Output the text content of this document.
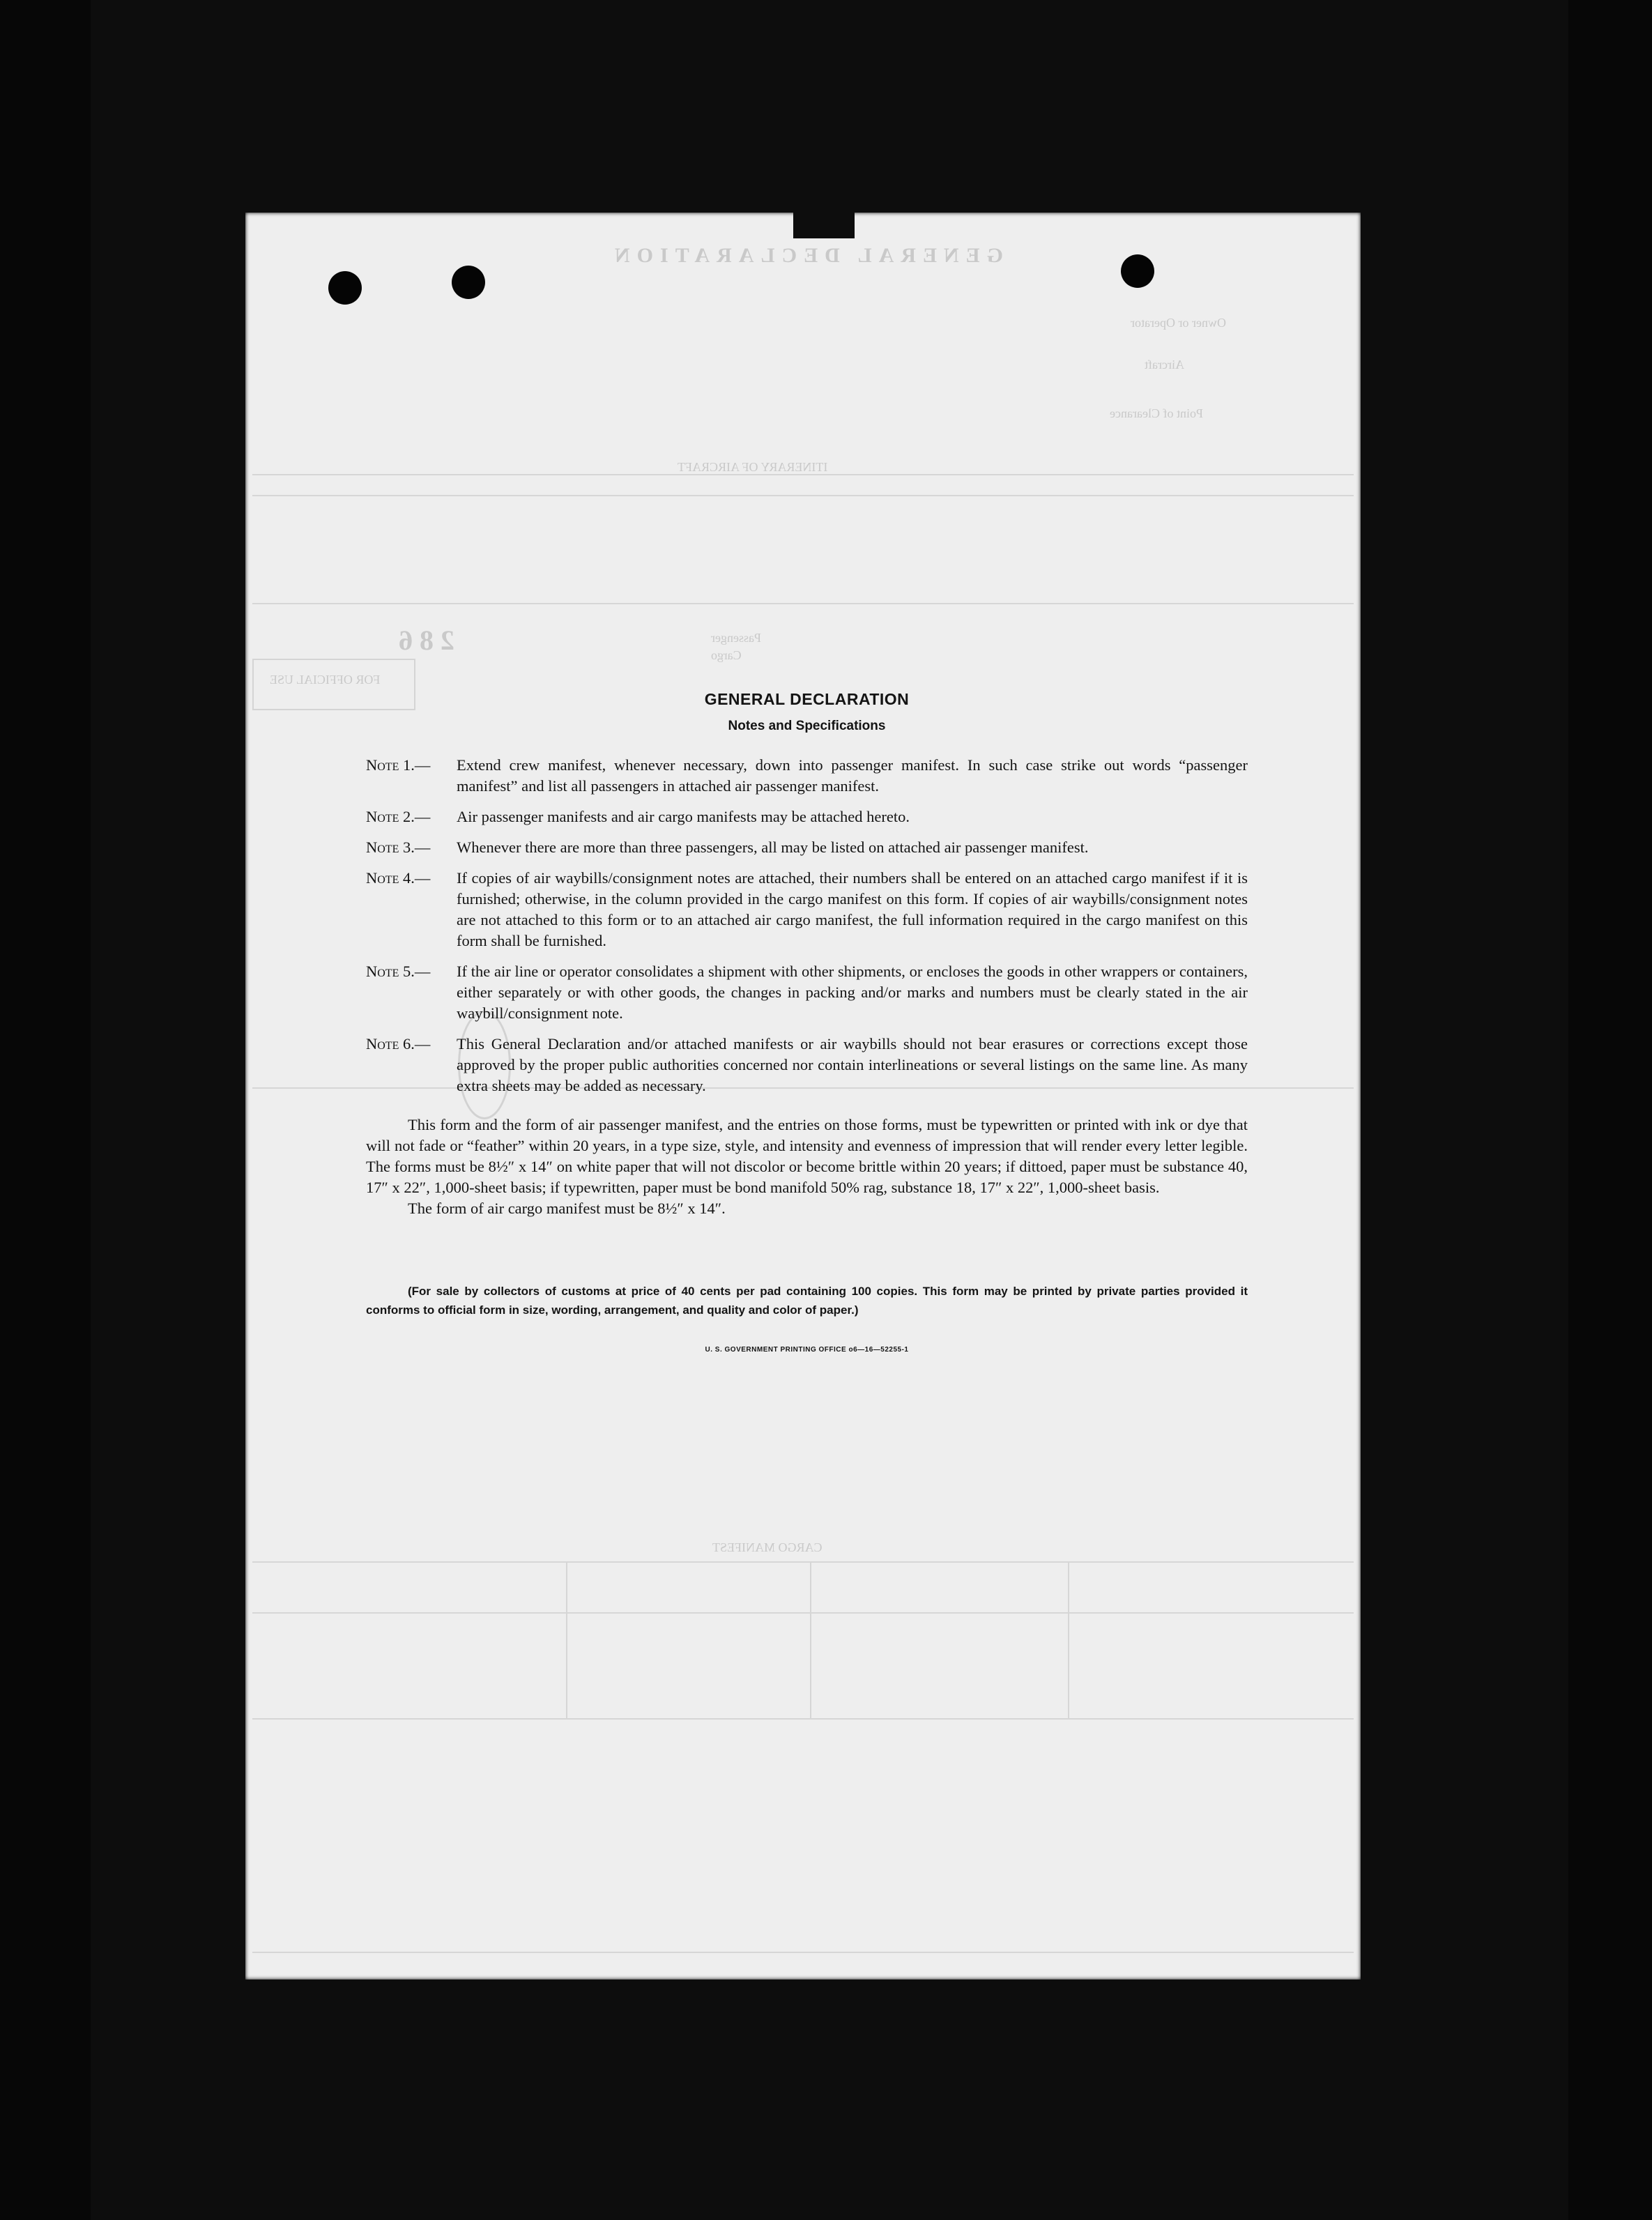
GENERAL DECLARATION
Owner or Operator
Aircraft
Point of Clearance
ITINERARY OF AIRCRAFT
CARGO MANIFEST
FOR OFFICIAL USE
Passenger
Cargo
286
GENERAL DECLARATION
Notes and Specifications
Note 1.—	Extend crew manifest, whenever necessary, down into passenger manifest. In such case strike out words “passenger manifest” and list all passengers in attached air passenger manifest.
Note 2.—	Air passenger manifests and air cargo manifests may be attached hereto.
Note 3.—	Whenever there are more than three passengers, all may be listed on attached air passenger manifest.
Note 4.—	If copies of air waybills/consignment notes are attached, their numbers shall be entered on an attached cargo manifest if it is furnished; otherwise, in the column provided in the cargo manifest on this form. If copies of air waybills/consignment notes are not attached to this form or to an attached air cargo manifest, the full information required in the cargo manifest on this form shall be furnished.
Note 5.—	If the air line or operator consolidates a shipment with other shipments, or encloses the goods in other wrappers or containers, either separately or with other goods, the changes in packing and/or marks and numbers must be clearly stated in the air waybill/consignment note.
Note 6.—	This General Declaration and/or attached manifests or air waybills should not bear erasures or corrections except those approved by the proper public authorities concerned nor contain interlineations or several listings on the same line. As many extra sheets may be added as necessary.

This form and the form of air passenger manifest, and the entries on those forms, must be typewritten or printed with ink or dye that will not fade or “feather” within 20 years, in a type size, style, and intensity and evenness of impression that will render every letter legible. The forms must be 8½″ x 14″ on white paper that will not discolor or become brittle within 20 years; if dittoed, paper must be substance 40, 17″ x 22″, 1,000-sheet basis; if typewritten, paper must be bond manifold 50% rag, substance 18, 17″ x 22″, 1,000-sheet basis.

The form of air cargo manifest must be 8½″ x 14″.

(For sale by collectors of customs at price of 40 cents per pad containing 100 copies. This form may be printed by private parties provided it conforms to official form in size, wording, arrangement, and quality and color of paper.)

U. S. GOVERNMENT PRINTING OFFICE o6—16—52255-1
